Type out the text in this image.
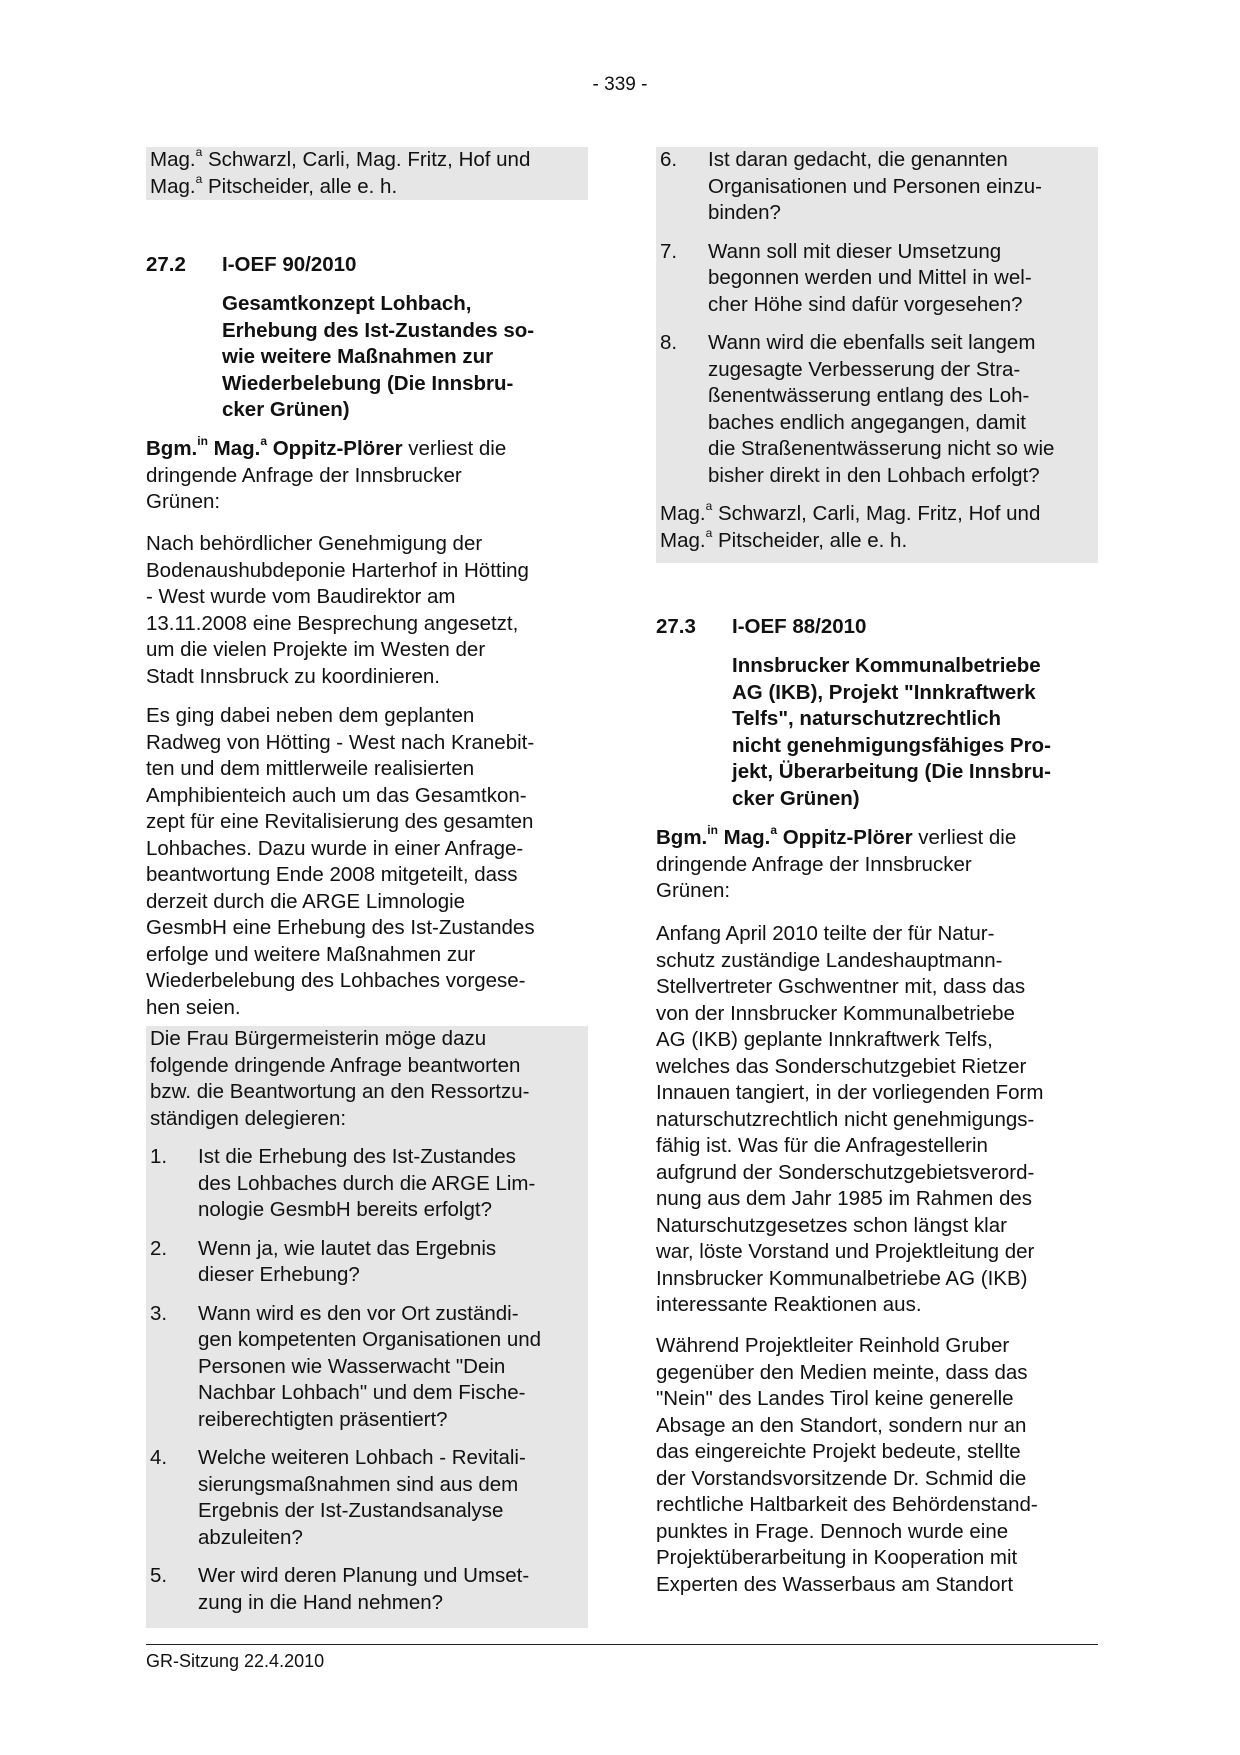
- 339 -
Mag.$^a$ Schwarzl, Carli, Mag. Fritz, Hof und
Mag.$^a$ Pitscheider, alle e. h.
27.2 I-OEF 90/2010
Gesamtkonzept Lohbach,
Erhebung des Ist-Zustandes so-
wie weitere Maßnahmen zur
Wiederbelebung (Die Innsbru-
cker Grünen)
Bgm.$^{in}$ Mag.$^a$ Oppitz-Plörer verliest die
dringende Anfrage der Innsbrucker
Grünen:
Nach behördlicher Genehmigung der
Bodenaushubdeponie Harterhof in Hötting
- West wurde vom Baudirektor am
13.11.2008 eine Besprechung angesetzt,
um die vielen Projekte im Westen der
Stadt Innsbruck zu koordinieren.
Es ging dabei neben dem geplanten
Radweg von Hötting - West nach Kranebit-
ten und dem mittlerweile realisierten
Amphibienteich auch um das Gesamtkon-
zept für eine Revitalisierung des gesamten
Lohbaches. Dazu wurde in einer Anfrage-
beantwortung Ende 2008 mitgeteilt, dass
derzeit durch die ARGE Limnologie
GesmbH eine Erhebung des Ist-Zustandes
erfolge und weitere Maßnahmen zur
Wiederbelebung des Lohbaches vorgese-
hen seien.
Die Frau Bürgermeisterin möge dazu
folgende dringende Anfrage beantworten
bzw. die Beantwortung an den Ressortzu-
ständigen delegieren:
1.	Ist die Erhebung des Ist-Zustandes
des Lohbaches durch die ARGE Lim-
nologie GesmbH bereits erfolgt?
2.	Wenn ja, wie lautet das Ergebnis
dieser Erhebung?
3.	Wann wird es den vor Ort zuständi-
gen kompetenten Organisationen und
Personen wie Wasserwacht "Dein
Nachbar Lohbach" und dem Fische-
reiberechtigten präsentiert?
4.	Welche weiteren Lohbach - Revitali-
sierungsmaßnahmen sind aus dem
Ergebnis der Ist-Zustandsanalyse
abzuleiten?
5.	Wer wird deren Planung und Umset-
zung in die Hand nehmen?
6.	Ist daran gedacht, die genannten
Organisationen und Personen einzu-
binden?
7.	Wann soll mit dieser Umsetzung
begonnen werden und Mittel in wel-
cher Höhe sind dafür vorgesehen?
8.	Wann wird die ebenfalls seit langem
zugesagte Verbesserung der Stra-
ßenentwässerung entlang des Loh-
baches endlich angegangen, damit
die Straßenentwässerung nicht so wie
bisher direkt in den Lohbach erfolgt?
Mag.$^a$ Schwarzl, Carli, Mag. Fritz, Hof und
Mag.$^a$ Pitscheider, alle e. h.
27.3 I-OEF 88/2010
Innsbrucker Kommunalbetriebe
AG (IKB), Projekt "Innkraftwerk
Telfs", naturschutzrechtlich
nicht genehmigungsfähiges Pro-
jekt, Überarbeitung (Die Innsbru-
cker Grünen)
Bgm.$^{in}$ Mag.$^a$ Oppitz-Plörer verliest die
dringende Anfrage der Innsbrucker
Grünen:
Anfang April 2010 teilte der für Natur-
schutz zuständige Landeshauptmann-
Stellvertreter Gschwentner mit, dass das
von der Innsbrucker Kommunalbetriebe
AG (IKB) geplante Innkraftwerk Telfs,
welches das Sonderschutzgebiet Rietzer
Innauen tangiert, in der vorliegenden Form
naturschutzrechtlich nicht genehmigungs-
fähig ist. Was für die Anfragestellerin
aufgrund der Sonderschutzgebietsverord-
nung aus dem Jahr 1985 im Rahmen des
Naturschutzgesetzes schon längst klar
war, löste Vorstand und Projektleitung der
Innsbrucker Kommunalbetriebe AG (IKB)
interessante Reaktionen aus.
Während Projektleiter Reinhold Gruber
gegenüber den Medien meinte, dass das
"Nein" des Landes Tirol keine generelle
Absage an den Standort, sondern nur an
das eingereichte Projekt bedeute, stellte
der Vorstandsvorsitzende Dr. Schmid die
rechtliche Haltbarkeit des Behördenstand-
punktes in Frage. Dennoch wurde eine
Projektüberarbeitung in Kooperation mit
Experten des Wasserbaus am Standort
GR-Sitzung 22.4.2010
